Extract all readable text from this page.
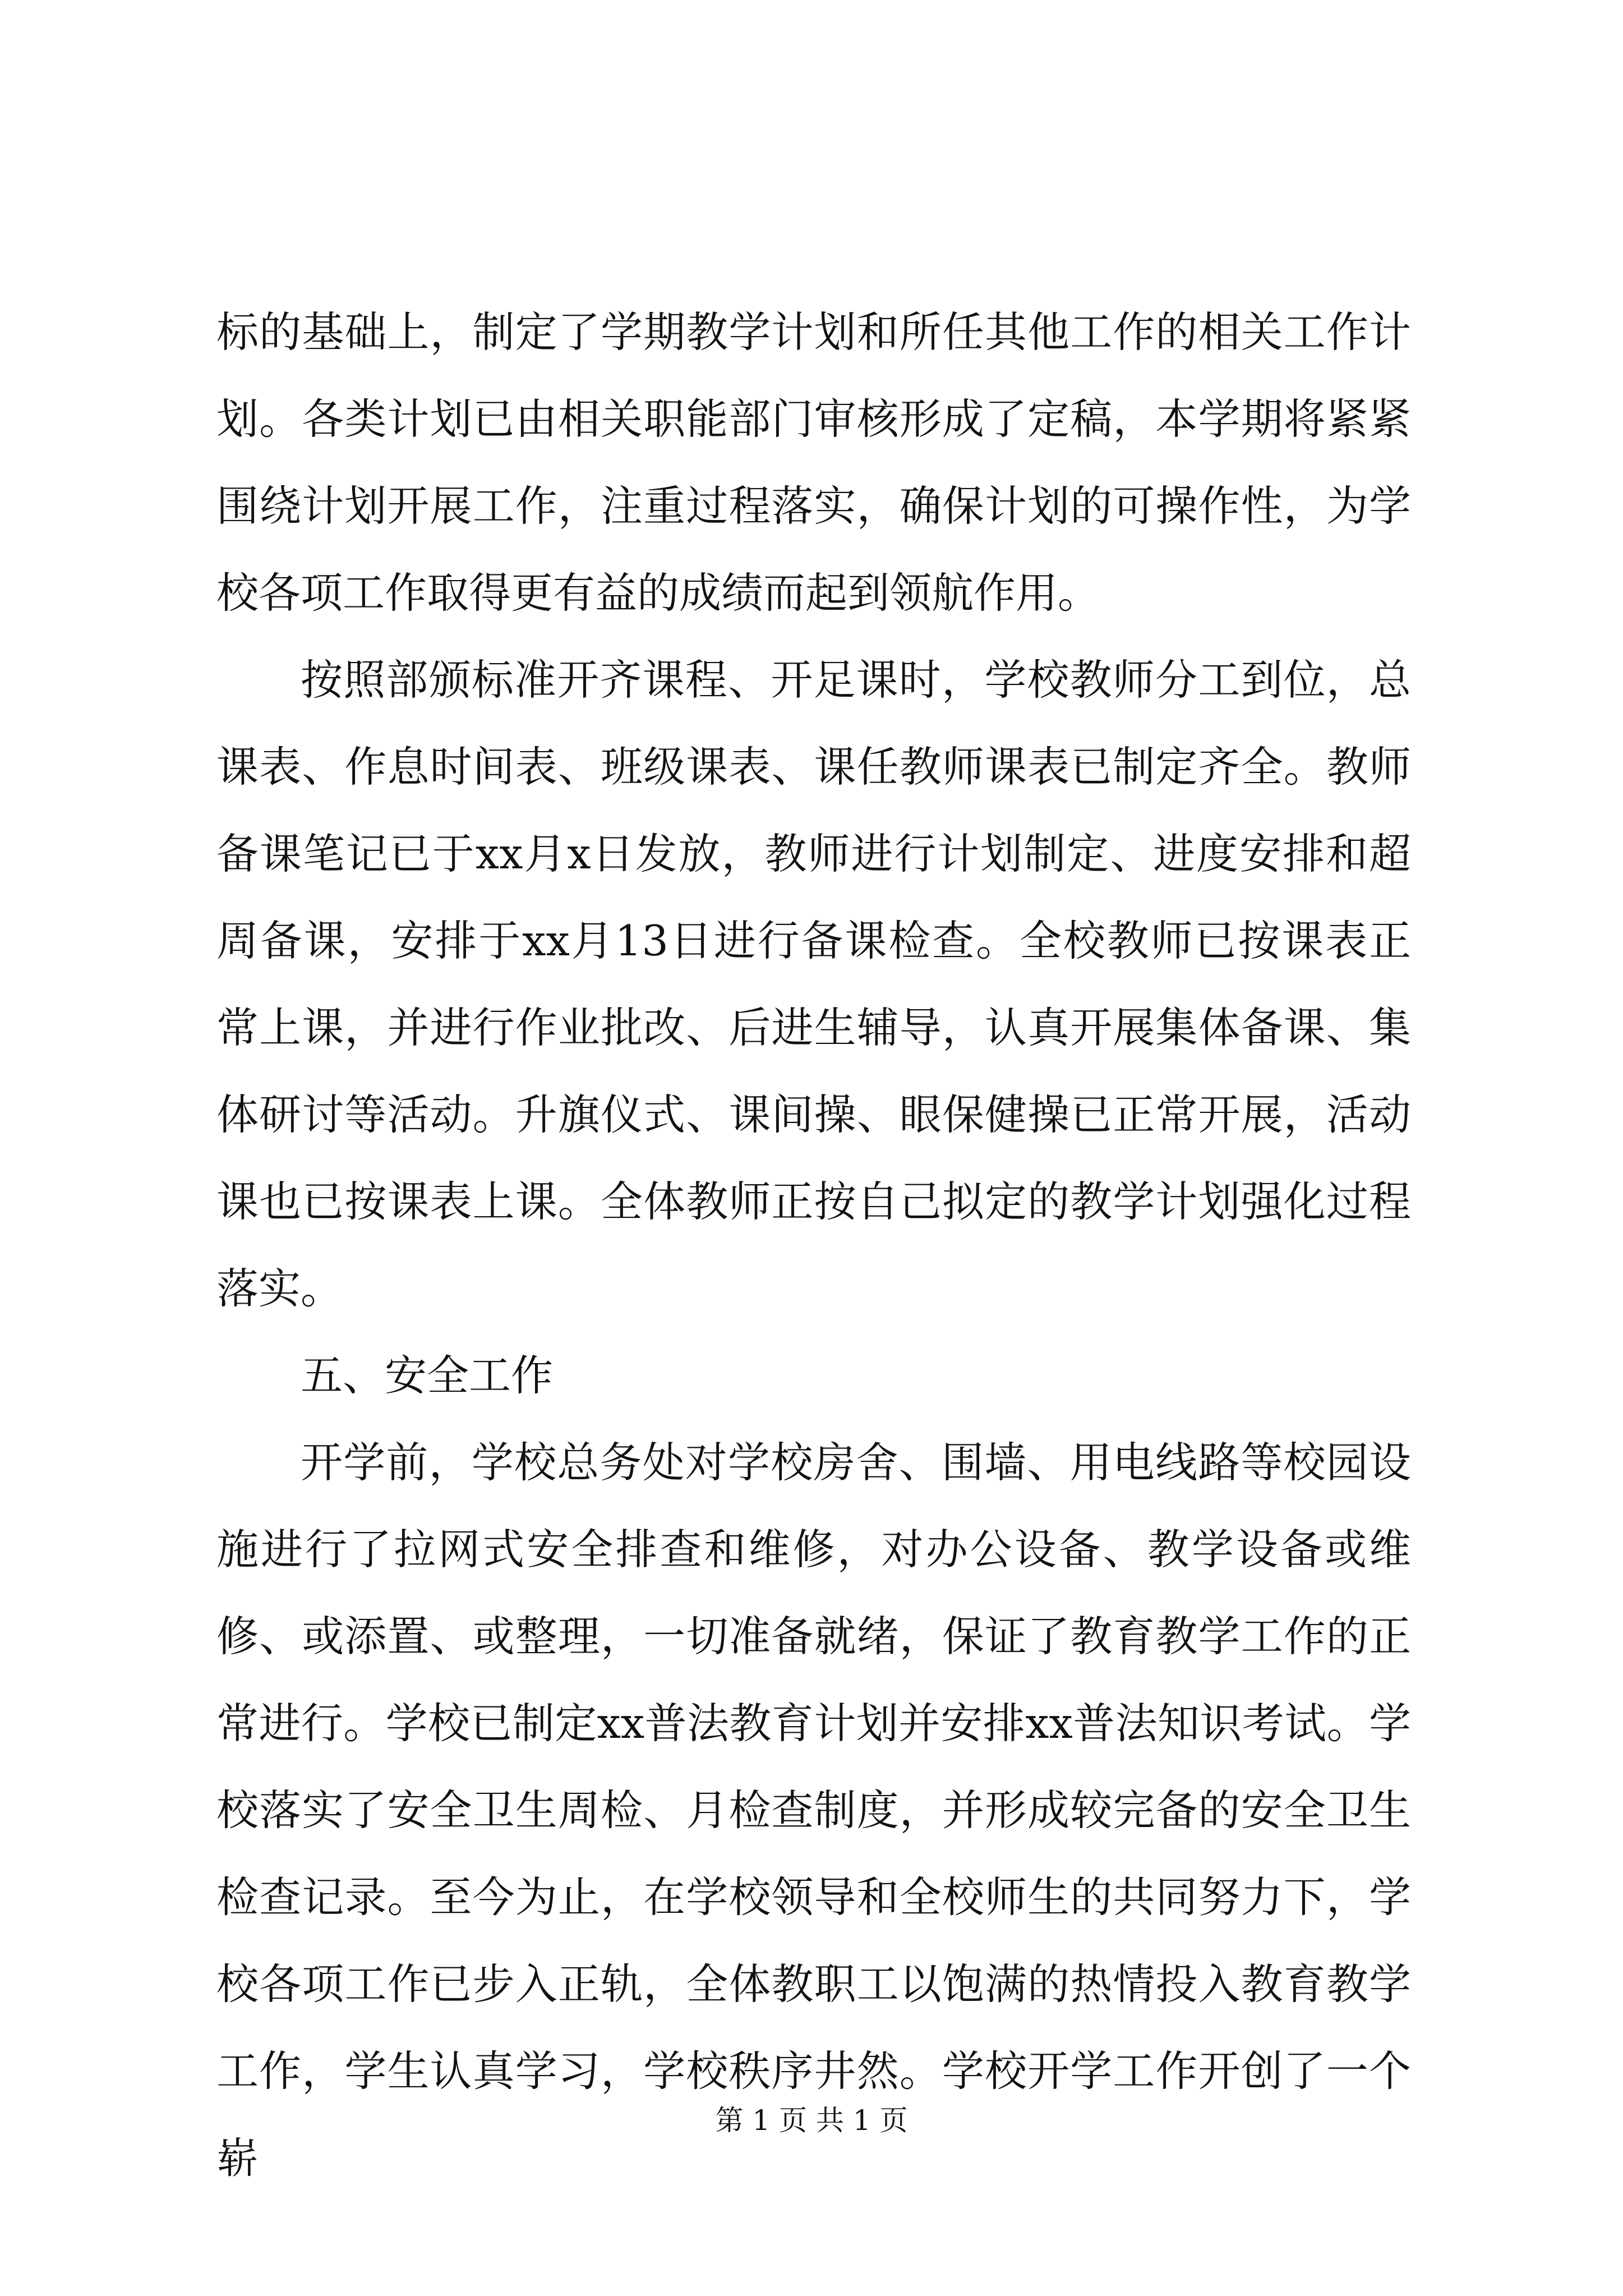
标的基础上，制定了学期教学计划和所任其他工作的相关工作计划。各类计划已由相关职能部门审核形成了定稿，本学期将紧紧围绕计划开展工作，注重过程落实，确保计划的可操作性，为学校各项工作取得更有益的成绩而起到领航作用。

按照部颁标准开齐课程、开足课时，学校教师分工到位，总课表、作息时间表、班级课表、课任教师课表已制定齐全。教师备课笔记已于xx月x日发放，教师进行计划制定、进度安排和超周备课，安排于xx月13日进行备课检查。全校教师已按课表正常上课，并进行作业批改、后进生辅导，认真开展集体备课、集体研讨等活动。升旗仪式、课间操、眼保健操已正常开展，活动课也已按课表上课。全体教师正按自己拟定的教学计划强化过程落实。

五、安全工作

开学前，学校总务处对学校房舍、围墙、用电线路等校园设施进行了拉网式安全排查和维修，对办公设备、教学设备或维修、或添置、或整理，一切准备就绪，保证了教育教学工作的正常进行。学校已制定xx普法教育计划并安排xx普法知识考试。学校落实了安全卫生周检、月检查制度，并形成较完备的安全卫生检查记录。至今为止，在学校领导和全校师生的共同努力下，学校各项工作已步入正轨，全体教职工以饱满的热情投入教育教学工作，学生认真学习，学校秩序井然。学校开学工作开创了一个崭

第 1 页 共 1 页
